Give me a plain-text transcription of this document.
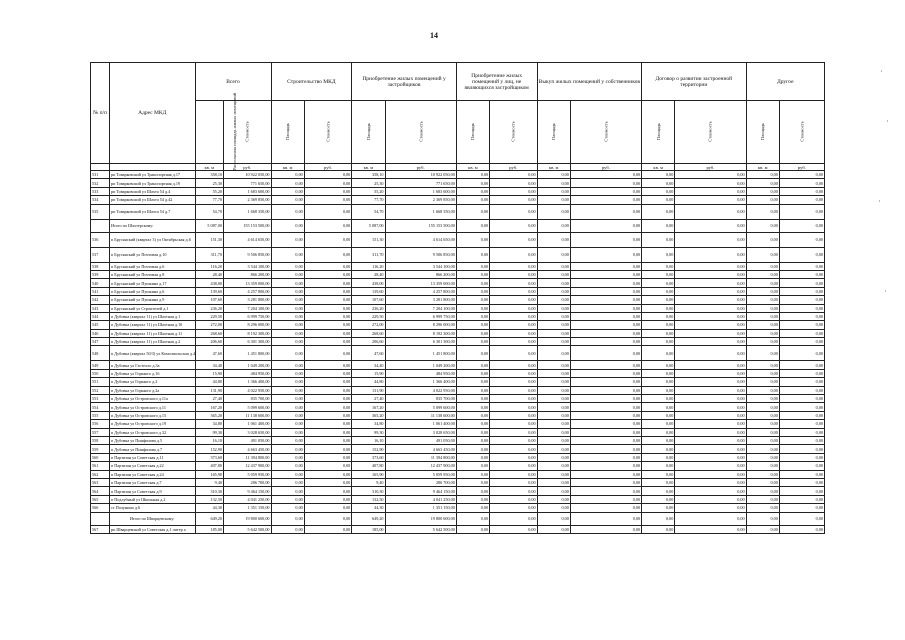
14
№ п/п	Адрес МКД	Всего		Строительство МКД		Приобретение жилых помещений у застройщиков		Приобретение жилых помещений у лиц, не являющихся застройщиком		Выкуп жилых помещений у собственников		Договор о развитии застроенной территории		Другое	
		Расселяемая площадь жилых помещений	Стоимость	Площадь	Стоимость	Площадь	Стоимость	Площадь	Стоимость	Площадь	Стоимость	Площадь	Стоимость	Площадь	Стоимость
		кв. м	руб.	кв. м	руб.	кв. м	руб.	кв. м	руб.	кв. м	руб.	кв. м	руб.	кв. м	руб.
531	рп Товарковский ул Транспортная д.17	358,10	10 922 050,00	0,00	0,00	358,10	10 922 050,00	0,00	0,00	0,00	0,00	0,00	0,00	0,00	0,00
532	рп Товарковский ул Транспортная д.19	25,30	771 650,00	0,00	0,00	25,30	771 650,00	0,00	0,00	0,00	0,00	0,00	0,00	0,00	0,00
533	рп Товарковский ул Шахта 54 д.4	55,20	1 683 600,00	0,00	0,00	55,20	1 683 600,00	0,00	0,00	0,00	0,00	0,00	0,00	0,00	0,00
534	рп Товарковский ул Шахта 54 д.42	77,70	2 369 850,00	0,00	0,00	77,70	2 369 850,00	0,00	0,00	0,00	0,00	0,00	0,00	0,00	0,00
535	рп Товарковский ул Шахта 54 д.7	54,70	1 668 350,00	0,00	0,00	54,70	1 668 350,00	0,00	0,00	0,00	0,00	0,00	0,00	0,00	0,00
	Итого по Шахтерскому:	5 087,00	155 153 500,00	0,00	0,00	5 087,00	155 153 500,00	0,00	0,00	0,00	0,00	0,00	0,00	0,00	0,00
536	п Брусянский (квартал 3) ул Октябрьская д.6	151,30	4 614 650,00	0,00	0,00	151,30	4 614 650,00	0,00	0,00	0,00	0,00	0,00	0,00	0,00	0,00
537	п Брусянский ул Почтовая д.10	311,70	9 506 850,00	0,00	0,00	311,70	9 506 850,00	0,00	0,00	0,00	0,00	0,00	0,00	0,00	0,00
538	п Брусянский ул Почтовая д.6	116,20	3 544 100,00	0,00	0,00	116,20	3 544 100,00	0,00	0,00	0,00	0,00	0,00	0,00	0,00	0,00
539	п Брусянский ул Почтовая д.8	28,40	866 200,00	0,00	0,00	28,40	866 200,00	0,00	0,00	0,00	0,00	0,00	0,00	0,00	0,00
540	п Брусянский ул Пушкина д.17	438,00	13 359 000,00	0,00	0,00	438,00	13 359 000,00	0,00	0,00	0,00	0,00	0,00	0,00	0,00	0,00
541	п Брусянский ул Пушкина д.6	139,60	4 257 800,00	0,00	0,00	139,60	4 257 800,00	0,00	0,00	0,00	0,00	0,00	0,00	0,00	0,00
542	п Брусянский ул Пушкина д.9	107,60	3 281 800,00	0,00	0,00	107,60	3 281 800,00	0,00	0,00	0,00	0,00	0,00	0,00	0,00	0,00
543	п Брусянский ул Строителей д.1	236,20	7 204 100,00	0,00	0,00	236,20	7 204 100,00	0,00	0,00	0,00	0,00	0,00	0,00	0,00	0,00
544	п Дубовка (квартал 11) ул Шахтная д.1	229,50	6 999 750,00	0,00	0,00	229,50	6 999 750,00	0,00	0,00	0,00	0,00	0,00	0,00	0,00	0,00
545	п Дубовка (квартал 11) ул Шахтная д.10	272,00	8 296 000,00	0,00	0,00	272,00	8 296 000,00	0,00	0,00	0,00	0,00	0,00	0,00	0,00	0,00
546	п Дубовка (квартал 11) ул Шахтная д.11	268,60	8 192 300,00	0,00	0,00	268,60	8 192 300,00	0,00	0,00	0,00	0,00	0,00	0,00	0,00	0,00
547	п Дубовка (квартал 11) ул Шахтная д.2	206,60	6 301 300,00	0,00	0,00	206,60	6 301 300,00	0,00	0,00	0,00	0,00	0,00	0,00	0,00	0,00
548	п Дубовка (квартал 50/3) ул Комсомольская д.4	47,60	1 451 800,00	0,00	0,00	47,60	1 451 800,00	0,00	0,00	0,00	0,00	0,00	0,00	0,00	0,00
549	п Дубовка ул Гастелло д.3а	34,40	1 049 200,00	0,00	0,00	34,40	1 049 200,00	0,00	0,00	0,00	0,00	0,00	0,00	0,00	0,00
550	п Дубовка ул Горького д.16	15,90	484 950,00	0,00	0,00	15,90	484 950,00	0,00	0,00	0,00	0,00	0,00	0,00	0,00	0,00
551	п Дубовка ул Горького д.2	44,80	1 366 400,00	0,00	0,00	44,80	1 366 400,00	0,00	0,00	0,00	0,00	0,00	0,00	0,00	0,00
552	п Дубовка ул Горького д.2а	131,90	4 022 950,00	0,00	0,00	131,90	4 022 950,00	0,00	0,00	0,00	0,00	0,00	0,00	0,00	0,00
553	п Дубовка ул Островского д.11а	27,40	835 700,00	0,00	0,00	27,40	835 700,00	0,00	0,00	0,00	0,00	0,00	0,00	0,00	0,00
554	п Дубовка ул Островского д.11	167,20	5 099 600,00	0,00	0,00	167,20	5 099 600,00	0,00	0,00	0,00	0,00	0,00	0,00	0,00	0,00
555	п Дубовка ул Островского д.15	365,20	11 138 600,00	0,00	0,00	365,20	11 138 600,00	0,00	0,00	0,00	0,00	0,00	0,00	0,00	0,00
556	п Дубовка ул Островского д.19	34,80	1 061 400,00	0,00	0,00	34,80	1 061 400,00	0,00	0,00	0,00	0,00	0,00	0,00	0,00	0,00
557	п Дубовка ул Островского д.32	99,30	3 028 650,00	0,00	0,00	99,30	3 028 650,00	0,00	0,00	0,00	0,00	0,00	0,00	0,00	0,00
558	п Дубовка ул Пинфилова д.5	16,10	491 050,00	0,00	0,00	16,10	491 050,00	0,00	0,00	0,00	0,00	0,00	0,00	0,00	0,00
559	п Дубовка ул Пинфилова д.7	152,90	4 663 450,00	0,00	0,00	152,90	4 663 450,00	0,00	0,00	0,00	0,00	0,00	0,00	0,00	0,00
560	п Партизан ул Советская д.11	373,60	11 394 800,00	0,00	0,00	373,60	11 394 800,00	0,00	0,00	0,00	0,00	0,00	0,00	0,00	0,00
561	п Партизан ул Советская д.22	407,80	12 437 900,00	0,00	0,00	407,80	12 437 900,00	0,00	0,00	0,00	0,00	0,00	0,00	0,00	0,00
562	п Партизан ул Советская д.24	165,90	5 059 950,00	0,00	0,00	165,90	5 059 950,00	0,00	0,00	0,00	0,00	0,00	0,00	0,00	0,00
563	п Партизан ул Советская д.7	9,40	286 700,00	0,00	0,00	9,40	286 700,00	0,00	0,00	0,00	0,00	0,00	0,00	0,00	0,00
564	п Партизан ул Советская д.9	310,30	9 464 150,00	0,00	0,00	310,30	9 464 150,00	0,00	0,00	0,00	0,00	0,00	0,00	0,00	0,00
565	п Подлубный ул Школьная д.2	132,50	4 041 250,00	0,00	0,00	132,50	4 041 250,00	0,00	0,00	0,00	0,00	0,00	0,00	0,00	0,00
566	ст Полунино д.6	44,30	1 351 150,00	0,00	0,00	44,30	1 351 150,00	0,00	0,00	0,00	0,00	0,00	0,00	0,00	0,00
	Итого по Шварцевскому:	649,20	19 800 600,00	0,00	0,00	649,20	19 800 600,00	0,00	0,00	0,00	0,00	0,00	0,00	0,00	0,00
567	рп Шварцевский ул Советская д.1 литер а	185,00	5 642 500,00	0,00	0,00	185,00	5 642 500,00	0,00	0,00	0,00	0,00	0,00	0,00	0,00	0,00
